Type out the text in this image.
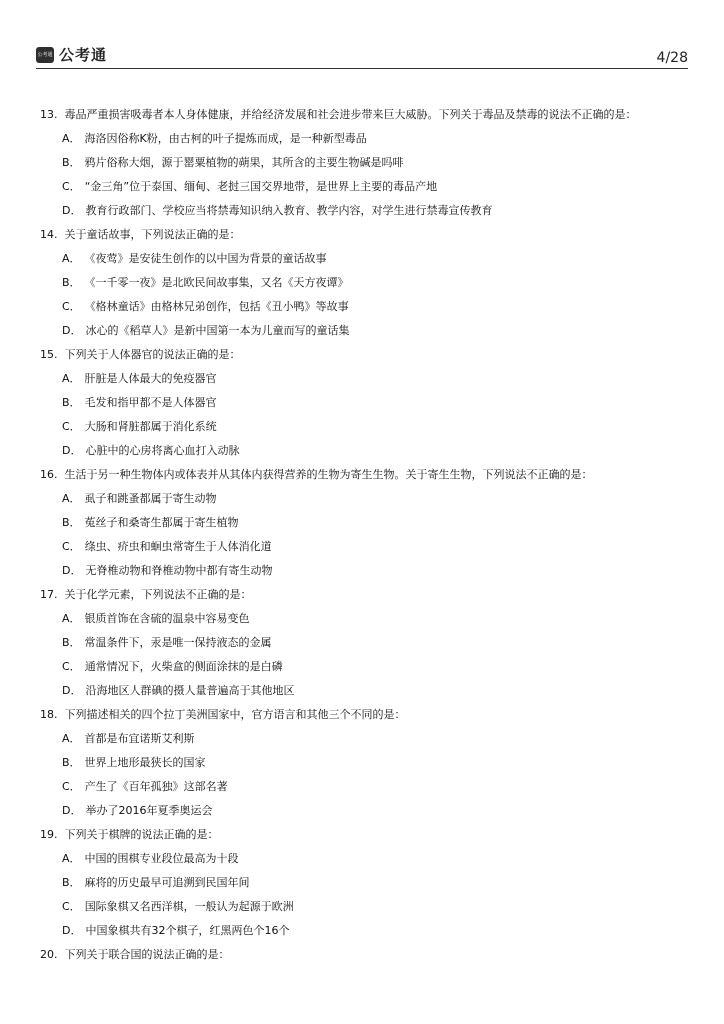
公考通 公考通	4/28
13. 毒品严重损害吸毒者本人身体健康，并给经济发展和社会进步带来巨大威胁。下列关于毒品及禁毒的说法不正确的是：
A． 海洛因俗称K粉，由古柯的叶子提炼而成，是一种新型毒品
B． 鸦片俗称大烟，源于罂粟植物的蒴果，其所含的主要生物碱是吗啡
C． “金三角”位于泰国、缅甸、老挝三国交界地带，是世界上主要的毒品产地
D． 教育行政部门、学校应当将禁毒知识纳入教育、教学内容，对学生进行禁毒宣传教育
14. 关于童话故事，下列说法正确的是：
A． 《夜莺》是安徒生创作的以中国为背景的童话故事
B． 《一千零一夜》是北欧民间故事集，又名《天方夜谭》
C． 《格林童话》由格林兄弟创作，包括《丑小鸭》等故事
D． 冰心的《稻草人》是新中国第一本为儿童而写的童话集
15. 下列关于人体器官的说法正确的是：
A． 肝脏是人体最大的免疫器官
B． 毛发和指甲都不是人体器官
C． 大肠和肾脏都属于消化系统
D． 心脏中的心房将离心血打入动脉
16. 生活于另一种生物体内或体表并从其体内获得营养的生物为寄生生物。关于寄生生物，下列说法不正确的是：
A． 虱子和跳蚤都属于寄生动物
B． 菟丝子和桑寄生都属于寄生植物
C． 绦虫、疥虫和蛔虫常寄生于人体消化道
D． 无脊椎动物和脊椎动物中都有寄生动物
17. 关于化学元素，下列说法不正确的是：
A． 银质首饰在含硫的温泉中容易变色
B． 常温条件下，汞是唯一保持液态的金属
C． 通常情况下，火柴盒的侧面涂抹的是白磷
D． 沿海地区人群碘的摄人量普遍高于其他地区
18. 下列描述相关的四个拉丁美洲国家中，官方语言和其他三个不同的是：
A． 首都是布宜诺斯艾利斯
B． 世界上地形最狭长的国家
C． 产生了《百年孤独》这部名著
D． 举办了2016年夏季奥运会
19. 下列关于棋牌的说法正确的是：
A． 中国的围棋专业段位最高为十段
B． 麻将的历史最早可追溯到民国年间
C． 国际象棋又名西洋棋，一般认为起源于欧洲
D． 中国象棋共有32个棋子，红黑两色个16个
20. 下列关于联合国的说法正确的是：
